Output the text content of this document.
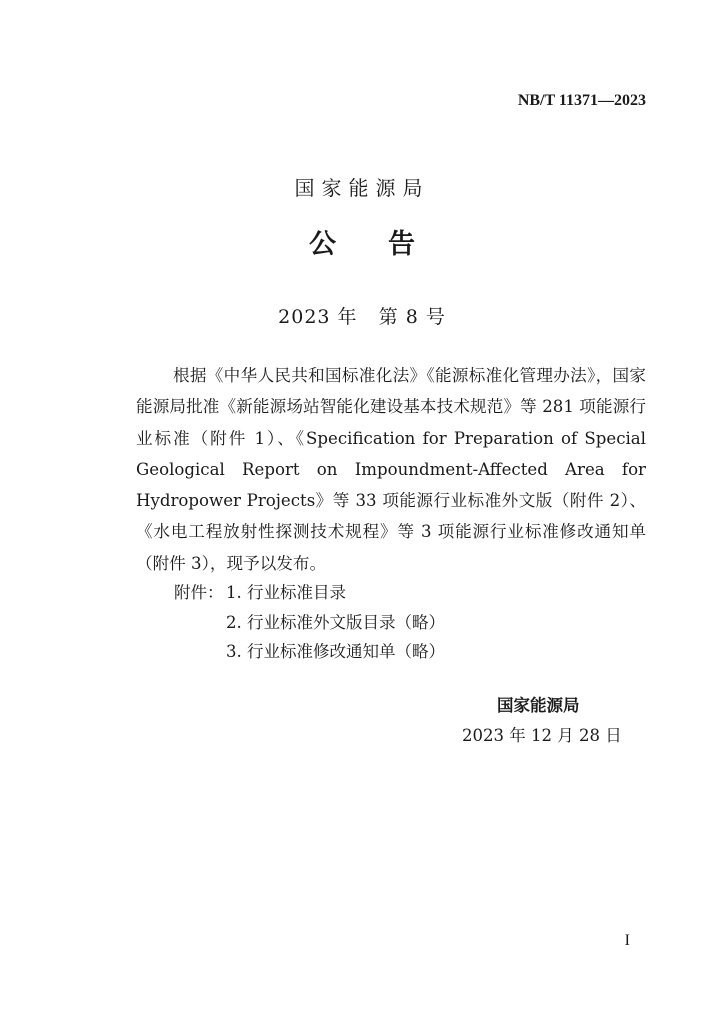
NB/T 11371—2023
国家能源局
公告
2023 年   第 8 号
根据《中华人民共和国标准化法》《能源标准化管理办法》，国家能源局批准《新能源场站智能化建设基本技术规范》等 281 项能源行业标准（附件 1）、《Specification for Preparation of Special Geological Report on Impoundment-Affected Area for Hydropower Projects》等 33 项能源行业标准外文版（附件 2）、《水电工程放射性探测技术规程》等 3 项能源行业标准修改通知单（附件 3），现予以发布。
附件： 1. 行业标准目录
2. 行业标准外文版目录（略）
3. 行业标准修改通知单（略）
国家能源局
2023 年 12 月 28 日
I
